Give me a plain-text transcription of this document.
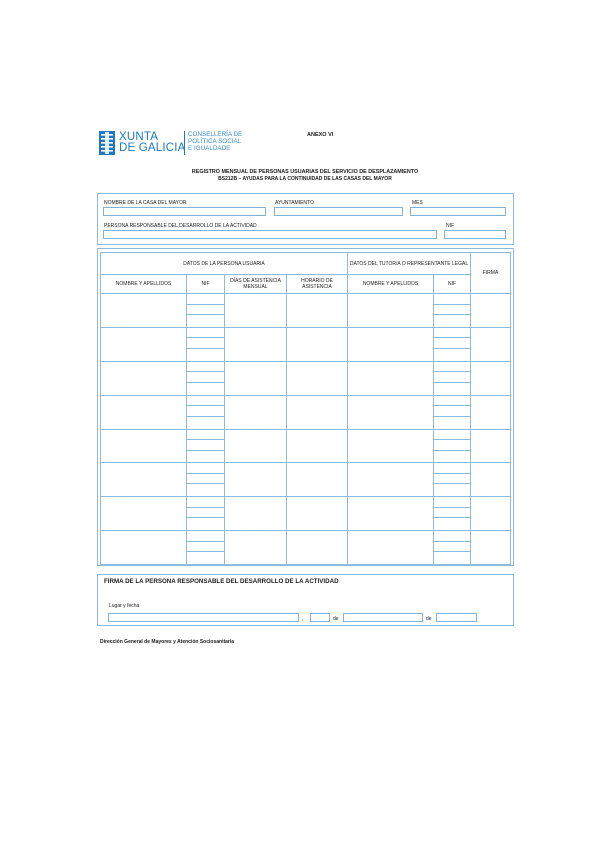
XUNTA
DE GALICIA
CONSELLERÍA DE
POLÍTICA SOCIAL
E IGUALDADE
ANEXO VI
REGISTRO MENSUAL DE PERSONAS USUARIAS DEL SERVICIO DE DESPLAZAMIENTO
BS212B – AYUDAS PARA LA CONTINUIDAD DE LAS CASAS DEL MAYOR
NOMBRE DE LA CASA DEL MAYOR	AYUNTAMIENTO	MES
PERSONA RESPONSABLE DEL DESARROLLO DE LA ACTIVIDAD	NIF
DATOS DE LA PERSONA USUARIA				DATOS DEL TUTOR/A O REPRESENTANTE LEGAL		FIRMA
NOMBRE Y APELLIDOS	NIF	DÍAS DE ASISTENCIA MENSUAL	HORARIO DE ASISTENCIA	NOMBRE Y APELLIDOS	NIF	

FIRMA DE LA PERSONA RESPONSABLE DEL DESARROLLO DE LA ACTIVIDAD
Lugar y fecha
,	de	de
Dirección General de Mayores y Atención Sociosanitaria
